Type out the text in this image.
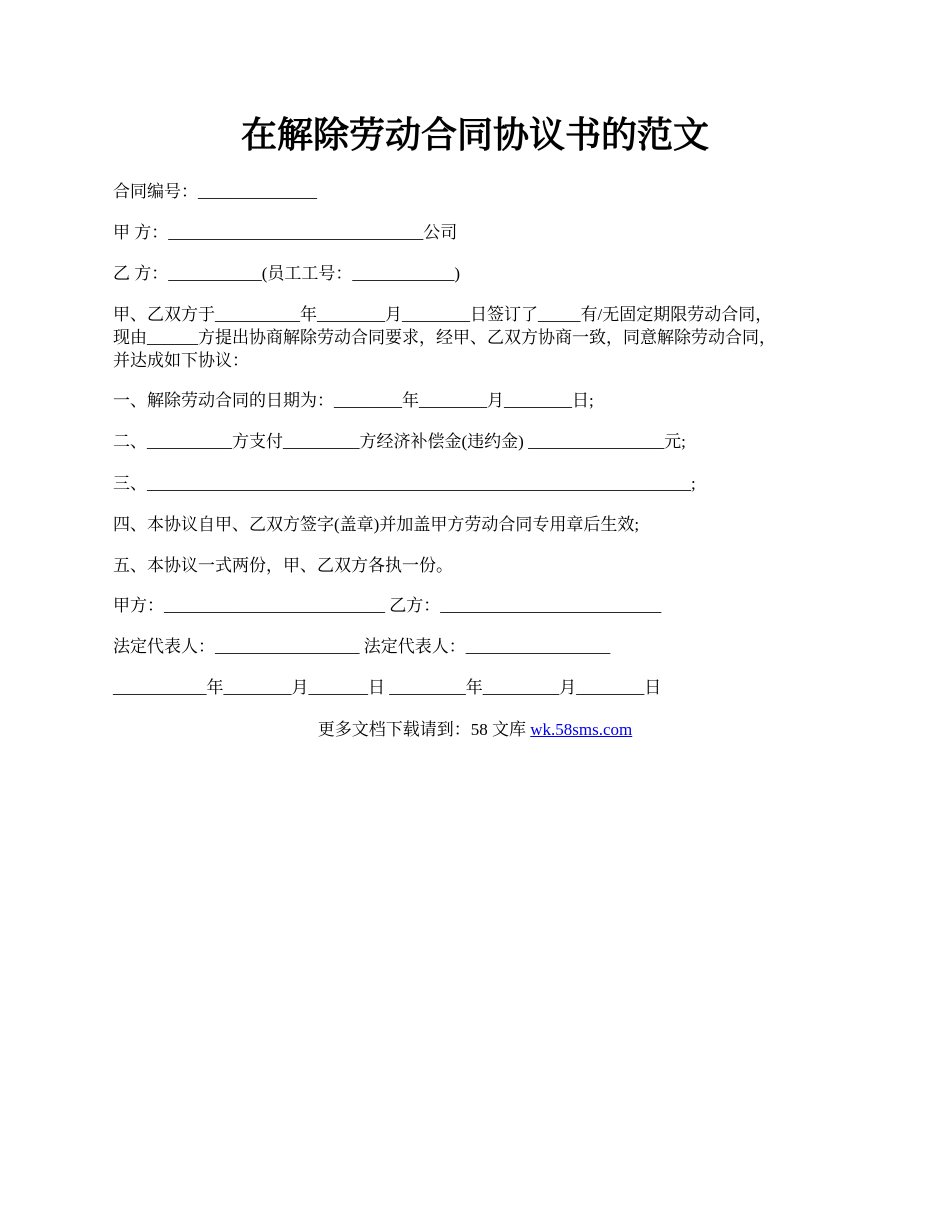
在解除劳动合同协议书的范文
合同编号：______________
甲 方：______________________________公司
乙 方：___________(员工工号：____________)
甲、乙双方于__________年________月________日签订了_____有/无固定期限劳动合同，
现由______方提出协商解除劳动合同要求，经甲、乙双方协商一致，同意解除劳动合同，
并达成如下协议：
一、解除劳动合同的日期为：________年________月________日;
二、__________方支付_________方经济补偿金(违约金) ________________元;
三、________________________________________________________________;
四、本协议自甲、乙双方签字(盖章)并加盖甲方劳动合同专用章后生效;
五、本协议一式两份，甲、乙双方各执一份。
甲方：__________________________ 乙方：__________________________
法定代表人：_________________ 法定代表人：_________________
___________年________月_______日 _________年_________月________日
更多文档下载请到：58 文库 wk.58sms.com
